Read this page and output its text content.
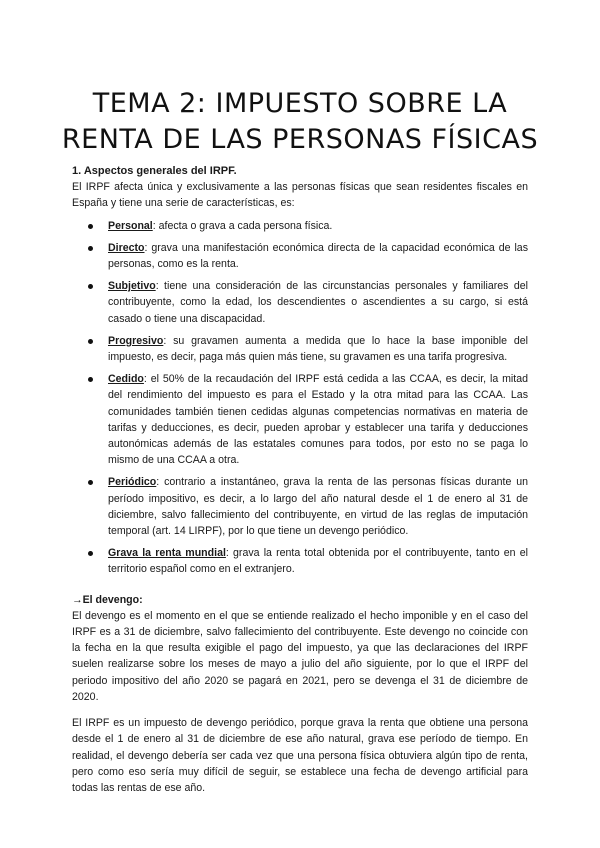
TEMA 2: IMPUESTO SOBRE LA
RENTA DE LAS PERSONAS FÍSICAS
1. Aspectos generales del IRPF.

El IRPF afecta única y exclusivamente a las personas físicas que sean residentes fiscales en España y tiene una serie de características, es:

Personal: afecta o grava a cada persona física.
Directo: grava una manifestación económica directa de la capacidad económica de las personas, como es la renta.
Subjetivo: tiene una consideración de las circunstancias personales y familiares del contribuyente, como la edad, los descendientes o ascendientes a su cargo, si está casado o tiene una discapacidad.
Progresivo: su gravamen aumenta a medida que lo hace la base imponible del impuesto, es decir, paga más quien más tiene, su gravamen es una tarifa progresiva.
Cedido: el 50% de la recaudación del IRPF está cedida a las CCAA, es decir, la mitad del rendimiento del impuesto es para el Estado y la otra mitad para las CCAA. Las comunidades también tienen cedidas algunas competencias normativas en materia de tarifas y deducciones, es decir, pueden aprobar y establecer una tarifa y deducciones autonómicas además de las estatales comunes para todos, por esto no se paga lo mismo de una CCAA a otra.
Periódico: contrario a instantáneo, grava la renta de las personas físicas durante un período impositivo, es decir, a lo largo del año natural desde el 1 de enero al 31 de diciembre, salvo fallecimiento del contribuyente, en virtud de las reglas de imputación temporal (art. 14 LIRPF), por lo que tiene un devengo periódico.
Grava la renta mundial: grava la renta total obtenida por el contribuyente, tanto en el territorio español como en el extranjero.
→El devengo:

El devengo es el momento en el que se entiende realizado el hecho imponible y en el caso del IRPF es a 31 de diciembre, salvo fallecimiento del contribuyente. Este devengo no coincide con la fecha en la que resulta exigible el pago del impuesto, ya que las declaraciones del IRPF suelen realizarse sobre los meses de mayo a julio del año siguiente, por lo que el IRPF del periodo impositivo del año 2020 se pagará en 2021, pero se devenga el 31 de diciembre de 2020.

El IRPF es un impuesto de devengo periódico, porque grava la renta que obtiene una persona desde el 1 de enero al 31 de diciembre de ese año natural, grava ese período de tiempo. En realidad, el devengo debería ser cada vez que una persona física obtuviera algún tipo de renta, pero como eso sería muy difícil de seguir, se establece una fecha de devengo artificial para todas las rentas de ese año.
